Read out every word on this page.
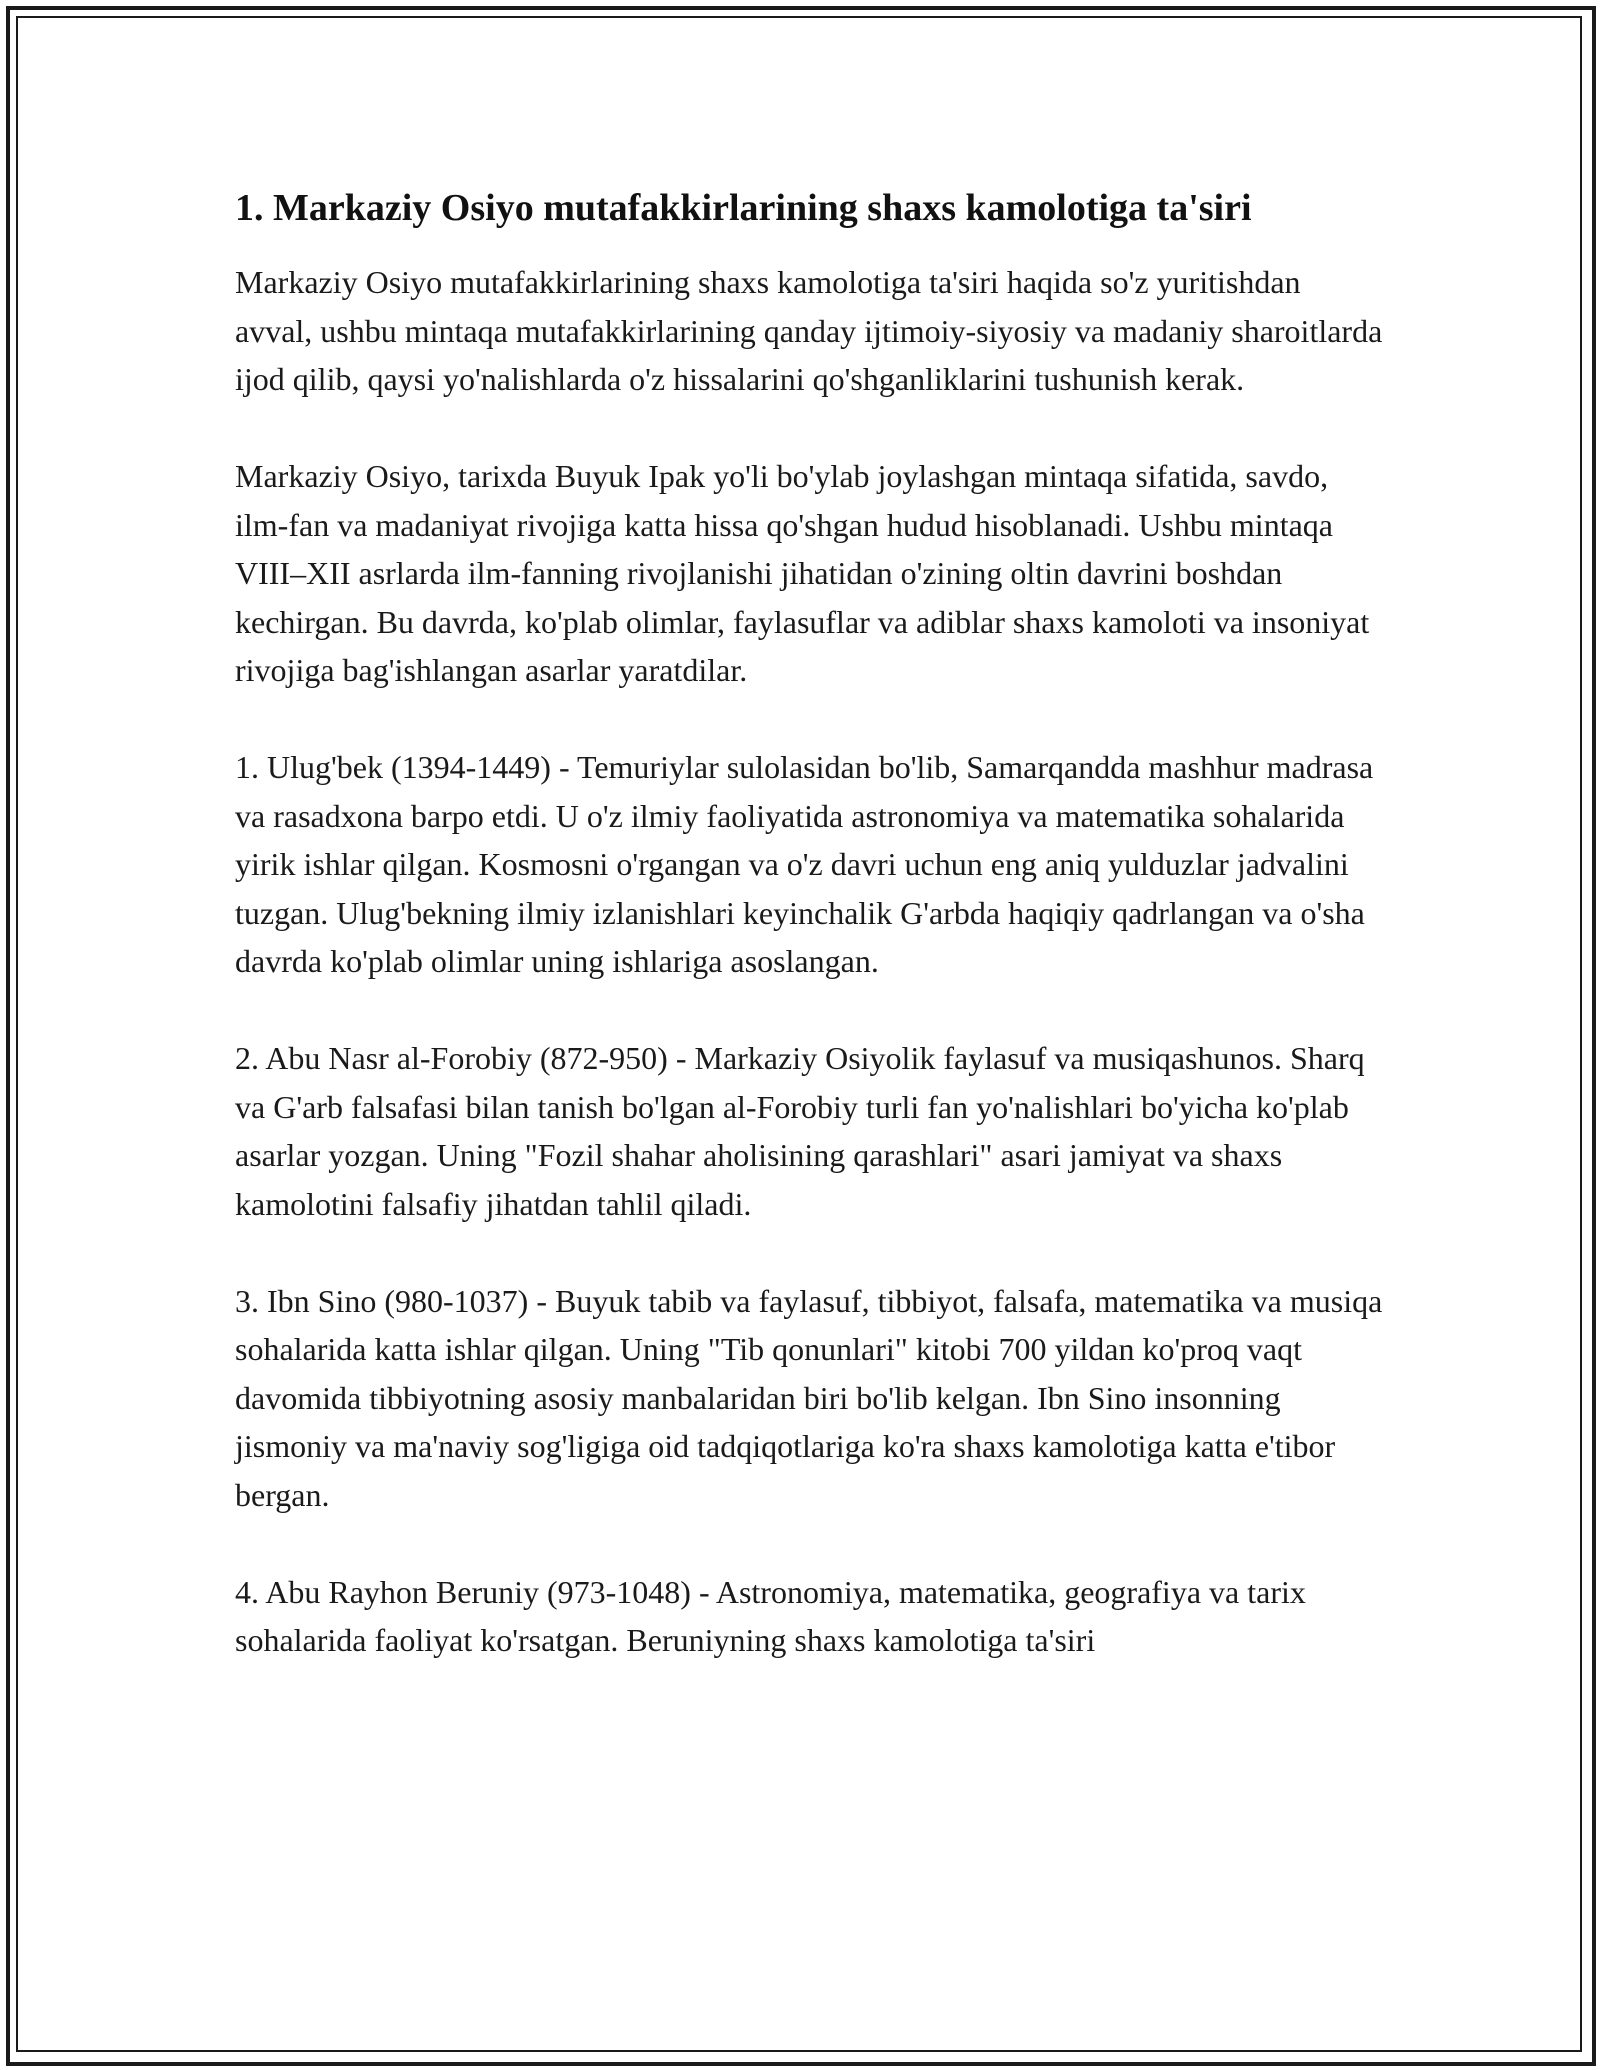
1. Markaziy Osiyo mutafakkirlarining shaxs kamolotiga ta'siri

Markaziy Osiyo mutafakkirlarining shaxs kamolotiga ta'siri haqida so'z yuritishdan avval, ushbu mintaqa mutafakkirlarining qanday ijtimoiy-siyosiy va madaniy sharoitlarda ijod qilib, qaysi yo'nalishlarda o'z hissalarini qo'shganliklarini tushunish kerak.

Markaziy Osiyo, tarixda Buyuk Ipak yo'li bo'ylab joylashgan mintaqa sifatida, savdo, ilm-fan va madaniyat rivojiga katta hissa qo'shgan hudud hisoblanadi. Ushbu mintaqa VIII–XII asrlarda ilm-fanning rivojlanishi jihatidan o'zining oltin davrini boshdan kechirgan. Bu davrda, ko'plab olimlar, faylasuflar va adiblar shaxs kamoloti va insoniyat rivojiga bag'ishlangan asarlar yaratdilar.

1. Ulug'bek (1394-1449) - Temuriylar sulolasidan bo'lib, Samarqandda mashhur madrasa va rasadxona barpo etdi. U o'z ilmiy faoliyatida astronomiya va matematika sohalarida yirik ishlar qilgan. Kosmosni o'rgangan va o'z davri uchun eng aniq yulduzlar jadvalini tuzgan. Ulug'bekning ilmiy izlanishlari keyinchalik G'arbda haqiqiy qadrlangan va o'sha davrda ko'plab olimlar uning ishlariga asoslangan.

2. Abu Nasr al-Forobiy (872-950) - Markaziy Osiyolik faylasuf va musiqashunos. Sharq va G'arb falsafasi bilan tanish bo'lgan al-Forobiy turli fan yo'nalishlari bo'yicha ko'plab asarlar yozgan. Uning "Fozil shahar aholisining qarashlari" asari jamiyat va shaxs kamolotini falsafiy jihatdan tahlil qiladi.

3. Ibn Sino (980-1037) - Buyuk tabib va faylasuf, tibbiyot, falsafa, matematika va musiqa sohalarida katta ishlar qilgan. Uning "Tib qonunlari" kitobi 700 yildan ko'proq vaqt davomida tibbiyotning asosiy manbalaridan biri bo'lib kelgan. Ibn Sino insonning jismoniy va ma'naviy sog'ligiga oid tadqiqotlariga ko'ra shaxs kamolotiga katta e'tibor bergan.

4. Abu Rayhon Beruniy (973-1048) - Astronomiya, matematika, geografiya va tarix sohalarida faoliyat ko'rsatgan. Beruniyning shaxs kamolotiga ta'siri
